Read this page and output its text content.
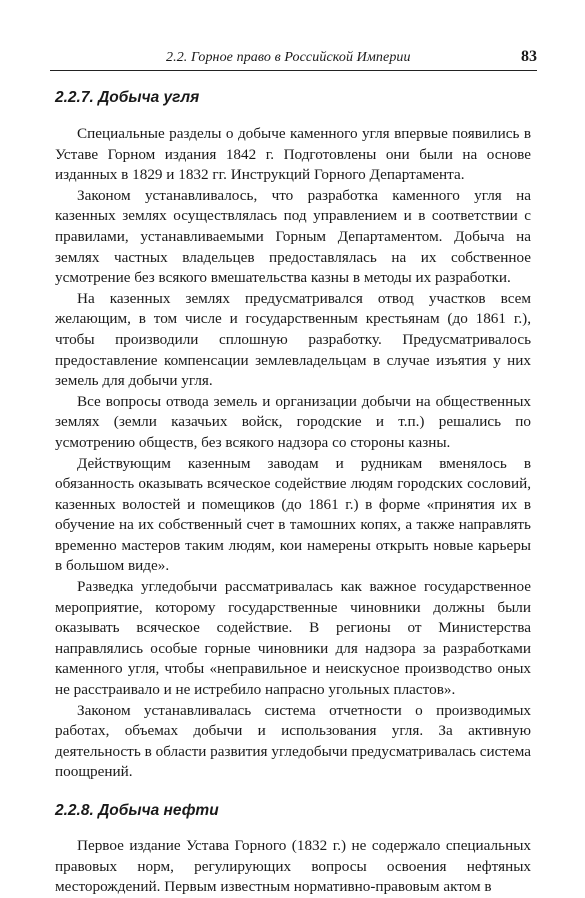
2.2. Горное право в Российской Империи	83
2.2.7. Добыча угля

Специальные разделы о добыче каменного угля впервые появились в Уставе Горном издания 1842 г. Подготовлены они были на основе изданных в 1829 и 1832 гг. Инструкций Горного Департамента.

Законом устанавливалось, что разработка каменного угля на казенных землях осуществлялась под управлением и в соответствии с правилами, устанавливаемыми Горным Департаментом. Добыча на землях частных владельцев предоставлялась на их собственное усмотрение без всякого вмешательства казны в методы их разработки.

На казенных землях предусматривался отвод участков всем желающим, в том числе и государственным крестьянам (до 1861 г.), чтобы производили сплошную разработку. Предусматривалось предоставление компенсации землевладельцам в случае изъятия у них земель для добычи угля.

Все вопросы отвода земель и организации добычи на общественных землях (земли казачьих войск, городские и т.п.) решались по усмотрению обществ, без всякого надзора со стороны казны.

Действующим казенным заводам и рудникам вменялось в обязанность оказывать всяческое содействие людям городских сословий, казенных волостей и помещиков (до 1861 г.) в форме «принятия их в обучение на их собственный счет в тамошних копях, а также направлять временно мастеров таким людям, кои намерены открыть новые карьеры в большом виде».

Разведка угледобычи рассматривалась как важное государственное мероприятие, которому государственные чиновники должны были оказывать всяческое содействие. В регионы от Министерства направлялись особые горные чиновники для надзора за разработками каменного угля, чтобы «неправильное и неискусное производство оных не расстраивало и не истребило напрасно угольных пластов».

Законом устанавливалась система отчетности о производимых работах, объемах добычи и использования угля. За активную деятельность в области развития угледобычи предусматривалась система поощрений.

2.2.8. Добыча нефти

Первое издание Устава Горного (1832 г.) не содержало специальных правовых норм, регулирующих вопросы освоения нефтяных месторождений. Первым известным нормативно-правовым актом в
